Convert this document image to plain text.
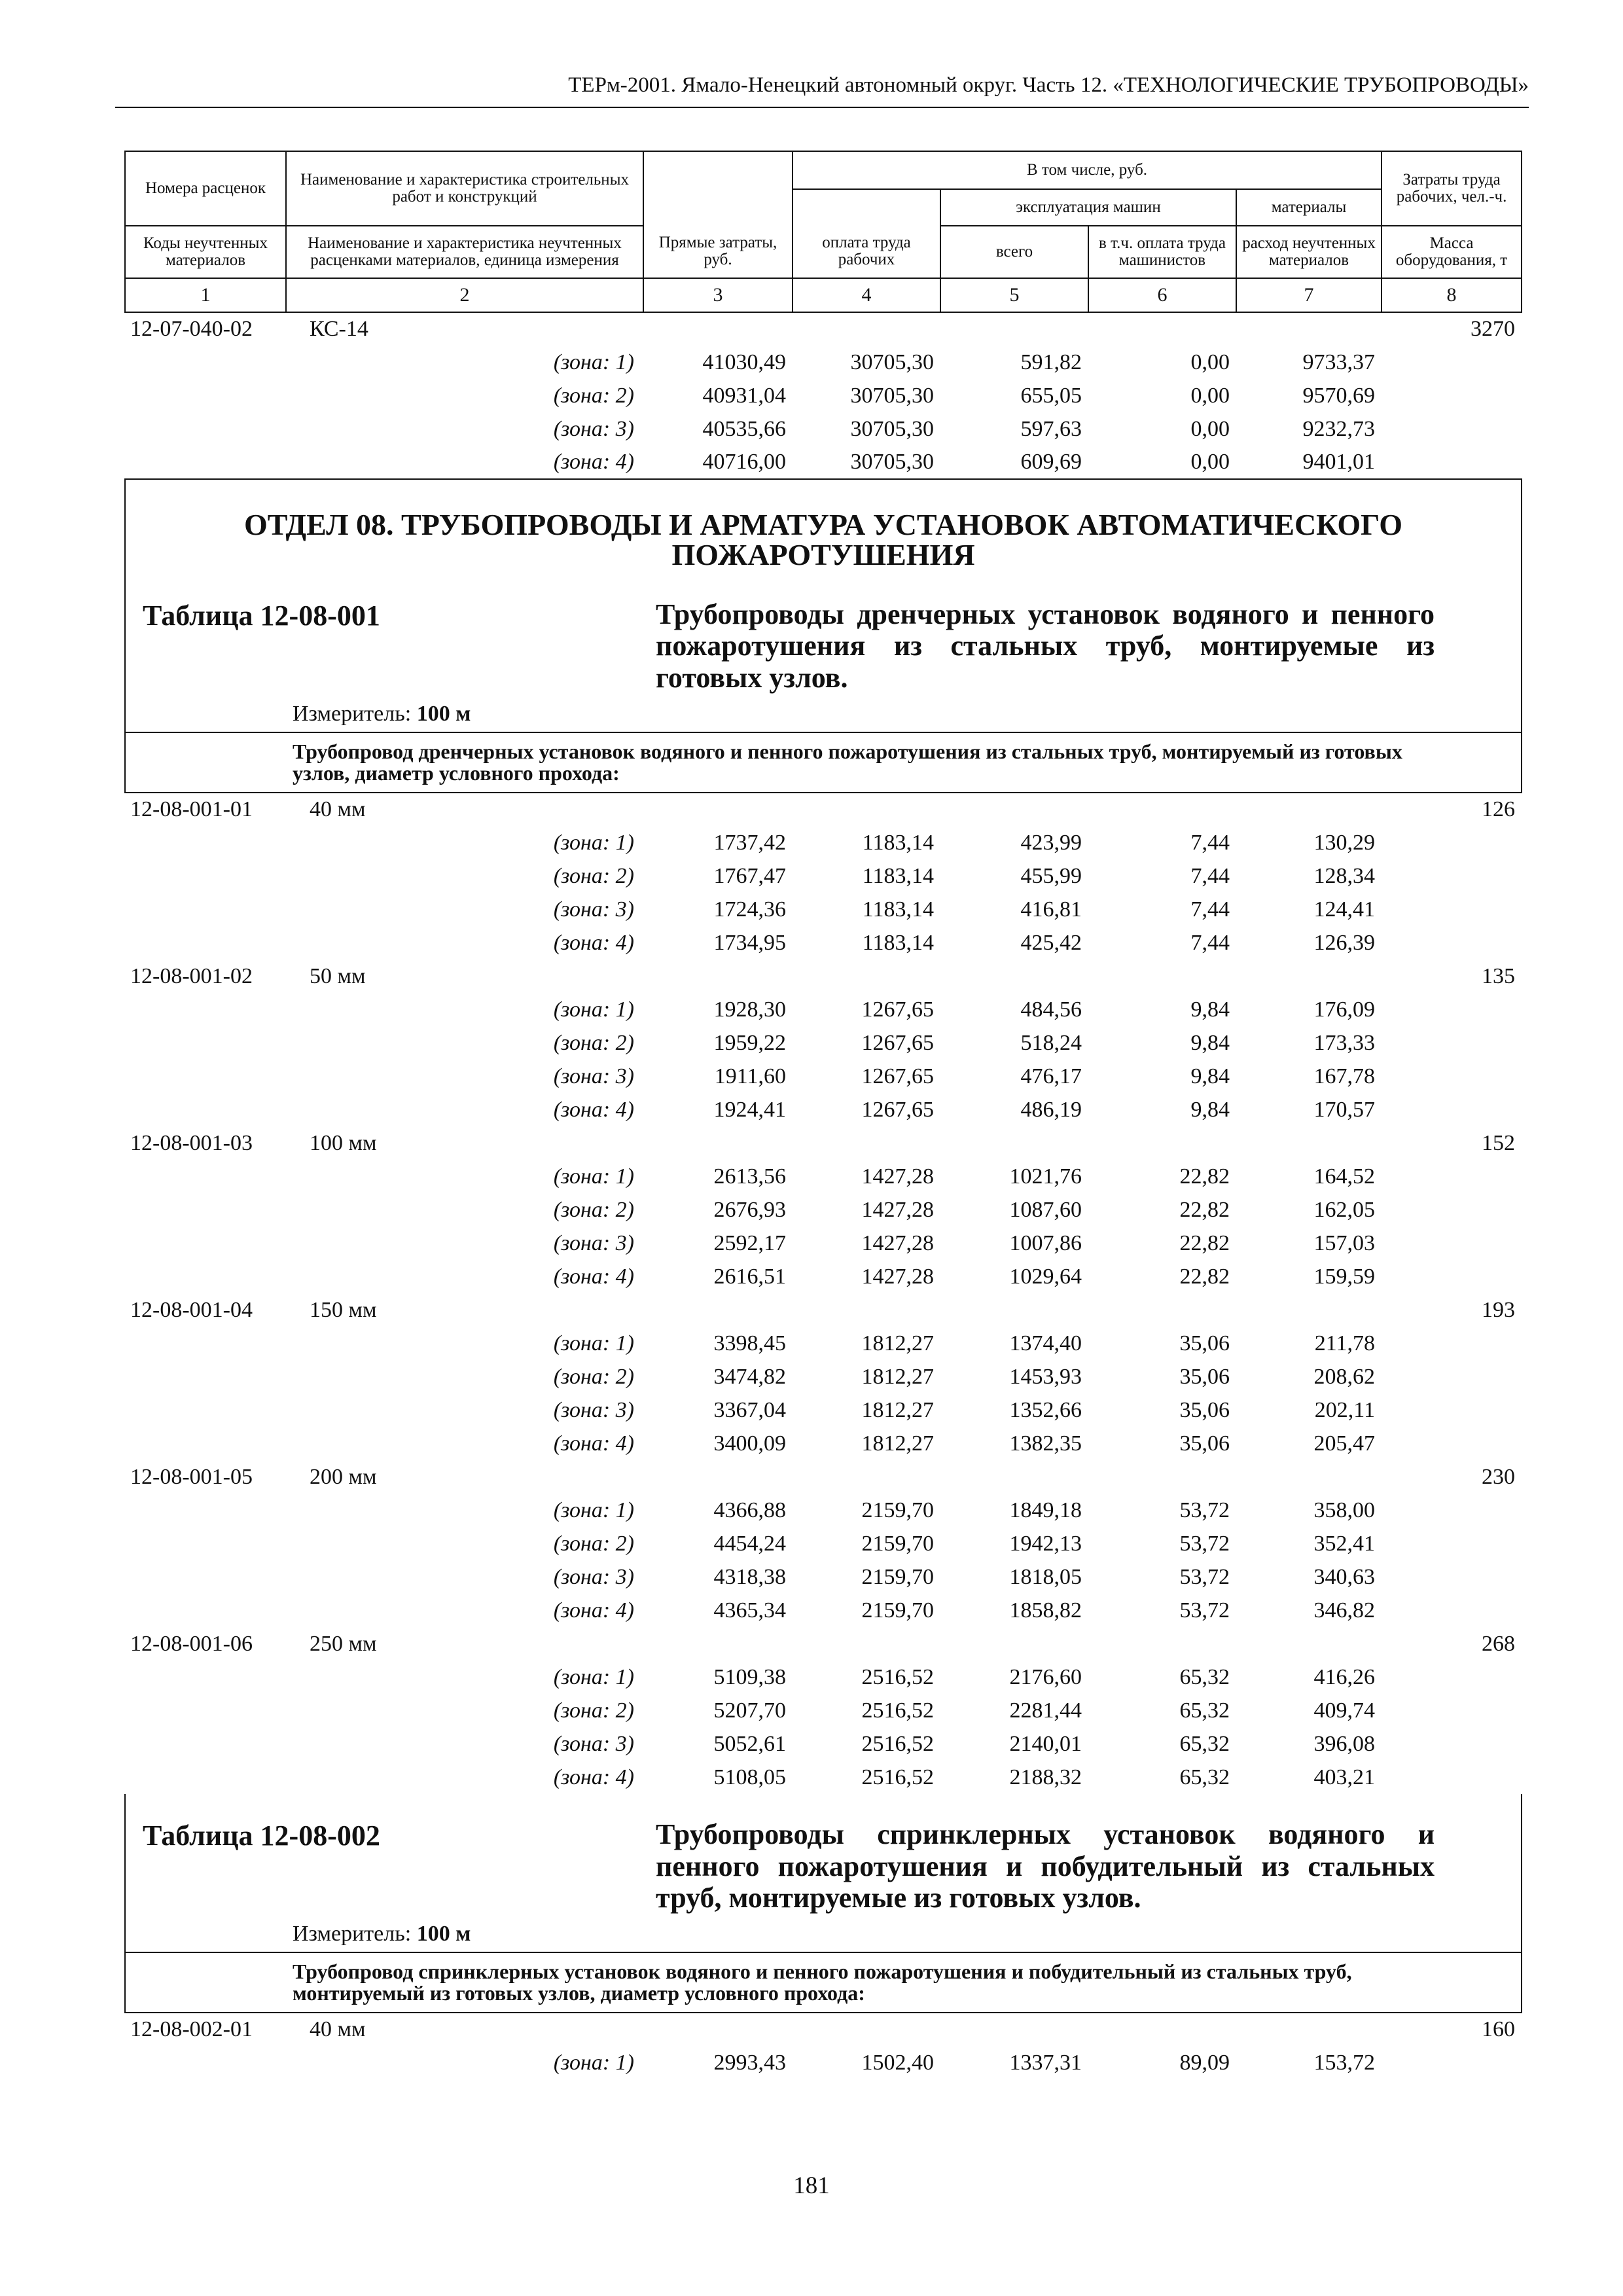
ТЕРм-2001. Ямало-Ненецкий автономный округ. Часть 12. «ТЕХНОЛОГИЧЕСКИЕ ТРУБОПРОВОДЫ»
Номера расценок	Наименование и характеристика строительных работ и конструкций	Прямые затраты, руб.	В том числе, руб.				Затраты труда рабочих, чел.-ч.
			оплата труда рабочих	эксплуатация машин		материалы	
Коды неучтенных материалов	Наименование и характеристика неучтенных расценками материалов, единица измерения			всего	в т.ч. оплата труда машинистов	расход неучтенных материалов	Масса оборудования, т
1	2	3	4	5	6	7	8
12-07-040-02	КС-14						3270
	(зона: 1)	41030,49	30705,30	591,82	0,00	9733,37	
	(зона: 2)	40931,04	30705,30	655,05	0,00	9570,69	
	(зона: 3)	40535,66	30705,30	597,63	0,00	9232,73	
	(зона: 4)	40716,00	30705,30	609,69	0,00	9401,01	

ОТДЕЛ 08. ТРУБОПРОВОДЫ И АРМАТУРА УСТАНОВОК АВТОМАТИЧЕСКОГО
ПОЖАРОТУШЕНИЯ
Таблица 12-08-001 Трубопроводы дренчерных установок водяного и пенного пожаротушения из стальных труб, монтируемые из готовых узлов.
Измеритель: 100 м							

Трубопровод дренчерных установок водяного и пенного пожаротушения из стальных труб, монтируемый из готовых узлов, диаметр условного прохода:							
12-08-001-01	40 мм						126
	(зона: 1)	1737,42	1183,14	423,99	7,44	130,29	
	(зона: 2)	1767,47	1183,14	455,99	7,44	128,34	
	(зона: 3)	1724,36	1183,14	416,81	7,44	124,41	
	(зона: 4)	1734,95	1183,14	425,42	7,44	126,39	
12-08-001-02	50 мм						135
	(зона: 1)	1928,30	1267,65	484,56	9,84	176,09	
	(зона: 2)	1959,22	1267,65	518,24	9,84	173,33	
	(зона: 3)	1911,60	1267,65	476,17	9,84	167,78	
	(зона: 4)	1924,41	1267,65	486,19	9,84	170,57	
12-08-001-03	100 мм						152
	(зона: 1)	2613,56	1427,28	1021,76	22,82	164,52	
	(зона: 2)	2676,93	1427,28	1087,60	22,82	162,05	
	(зона: 3)	2592,17	1427,28	1007,86	22,82	157,03	
	(зона: 4)	2616,51	1427,28	1029,64	22,82	159,59	
12-08-001-04	150 мм						193
	(зона: 1)	3398,45	1812,27	1374,40	35,06	211,78	
	(зона: 2)	3474,82	1812,27	1453,93	35,06	208,62	
	(зона: 3)	3367,04	1812,27	1352,66	35,06	202,11	
	(зона: 4)	3400,09	1812,27	1382,35	35,06	205,47	
12-08-001-05	200 мм						230
	(зона: 1)	4366,88	2159,70	1849,18	53,72	358,00	
	(зона: 2)	4454,24	2159,70	1942,13	53,72	352,41	
	(зона: 3)	4318,38	2159,70	1818,05	53,72	340,63	
	(зона: 4)	4365,34	2159,70	1858,82	53,72	346,82	
12-08-001-06	250 мм						268
	(зона: 1)	5109,38	2516,52	2176,60	65,32	416,26	
	(зона: 2)	5207,70	2516,52	2281,44	65,32	409,74	
	(зона: 3)	5052,61	2516,52	2140,01	65,32	396,08	
	(зона: 4)	5108,05	2516,52	2188,32	65,32	403,21	

Таблица 12-08-002 Трубопроводы спринклерных установок водяного и пенного пожаротушения и побудительный из стальных труб, монтируемые из готовых узлов.
Измеритель: 100 м							

Трубопровод спринклерных установок водяного и пенного пожаротушения и побудительный из стальных труб, монтируемый из готовых узлов, диаметр условного прохода:							
12-08-002-01	40 мм						160
	(зона: 1)	2993,43	1502,40	1337,31	89,09	153,72	
181
